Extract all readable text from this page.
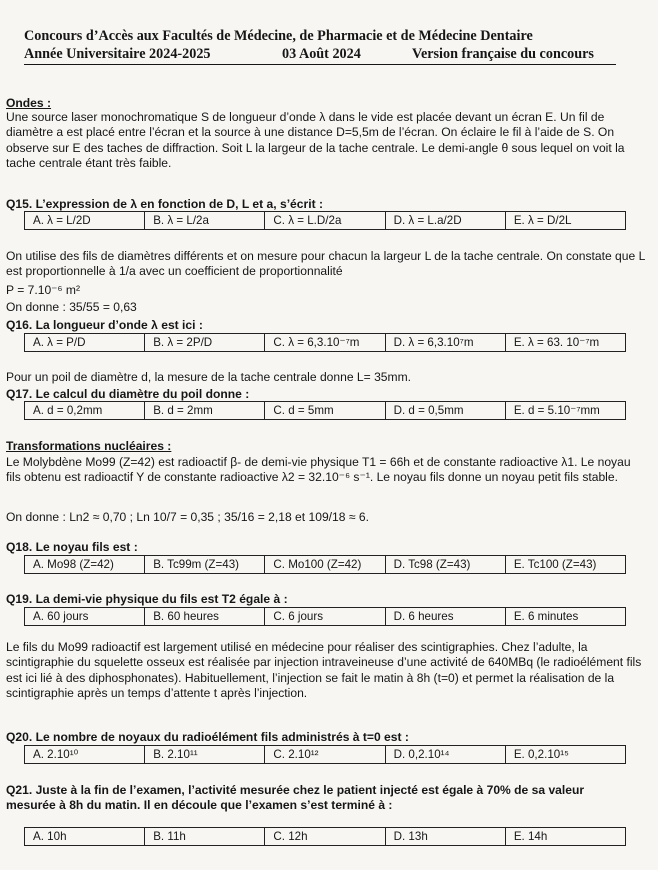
Concours d’Accès aux Facultés de Médecine, de Pharmacie et de Médecine Dentaire
Année Universitaire 2024-2025	03 Août 2024	Version française du concours
Ondes :
Une source laser monochromatique S de longueur d’onde λ dans le vide est placée devant un écran E. Un fil de diamètre a est placé entre l’écran et la source à une distance D=5,5m de l’écran. On éclaire le fil à l’aide de S. On observe sur E des taches de diffraction. Soit L la largeur de la tache centrale. Le demi-angle θ sous lequel on voit la tache centrale étant très faible.
Q15. L’expression de λ en fonction de D, L et a, s’écrit :
A. λ = L/2D	B. λ = L/2a	C. λ = L.D/2a	D. λ = L.a/2D	E. λ = D/2L
On utilise des fils de diamètres différents et on mesure pour chacun la largeur L de la tache centrale. On constate que L est proportionnelle à 1/a avec un coefficient de proportionnalité
P = 7.10⁻⁶ m²
On donne : 35/55 = 0,63
Q16. La longueur d’onde λ est ici :
A. λ = P/D	B. λ = 2P/D	C. λ = 6,3.10⁻⁷m	D. λ = 6,3.10⁷m	E. λ = 63. 10⁻⁷m
Pour un poil de diamètre d, la mesure de la tache centrale donne L= 35mm.
Q17. Le calcul du diamètre du poil donne :
A. d = 0,2mm	B. d = 2mm	C. d = 5mm	D. d = 0,5mm	E. d = 5.10⁻⁷mm
Transformations nucléaires :
Le Molybdène Mo99 (Z=42) est radioactif β- de demi-vie physique T1 = 66h et de constante radioactive λ1. Le noyau fils obtenu est radioactif Y de constante radioactive λ2 = 32.10⁻⁶ s⁻¹. Le noyau fils donne un noyau petit fils stable.
On donne : Ln2 ≈ 0,70 ; Ln 10/7 = 0,35 ; 35/16 = 2,18 et 109/18 ≈ 6.
Q18. Le noyau fils est :
A. Mo98 (Z=42)	B. Tc99m (Z=43)	C. Mo100 (Z=42)	D. Tc98 (Z=43)	E. Tc100 (Z=43)
Q19. La demi-vie physique du fils est T2 égale à :
A. 60 jours	B. 60 heures	C. 6 jours	D. 6 heures	E. 6 minutes
Le fils du Mo99 radioactif est largement utilisé en médecine pour réaliser des scintigraphies. Chez l’adulte, la scintigraphie du squelette osseux est réalisée par injection intraveineuse d’une activité de 640MBq (le radioélément fils est ici lié à des diphosphonates). Habituellement, l’injection se fait le matin à 8h (t=0) et permet la réalisation de la scintigraphie après un temps d’attente t après l’injection.
Q20. Le nombre de noyaux du radioélément fils administrés à t=0 est :
A. 2.10¹⁰	B. 2.10¹¹	C. 2.10¹²	D. 0,2.10¹⁴	E. 0,2.10¹⁵
Q21. Juste à la fin de l’examen, l’activité mesurée chez le patient injecté est égale à 70% de sa valeur mesurée à 8h du matin. Il en découle que l’examen s’est terminé à :
A. 10h	B. 11h	C. 12h	D. 13h	E. 14h
